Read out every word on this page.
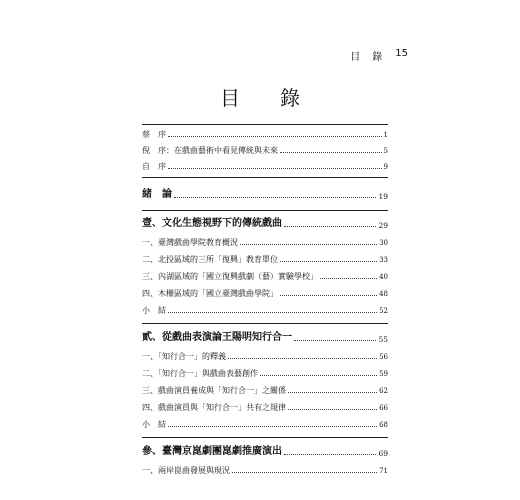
目　錄 15
目　錄
蔡　序	1
倪　序：在戲曲藝術中看見傳統與未來	5
自　序	9
緒　論	19
壹、文化生態視野下的傳統戲曲	29
一、臺灣戲曲學院教育概況	30
二、北投區域的三所「復興」教育單位	33
三、內湖區域的「國立復興戲劇（藝）實驗學校」	40
四、木柵區域的「國立臺灣戲曲學院」	48
小　結	52
貳、從戲曲表演論王陽明知行合一	55
一、「知行合一」的釋義	56
二、「知行合一」與戲曲表藝創作	59
三、戲曲演員養成與「知行合一」之關係	62
四、戲曲演員與「知行合一」共有之規律	66
小　結	68
參、臺灣京崑劇團崑劇推廣演出	69
一、兩岸崑曲發展與現況	71
